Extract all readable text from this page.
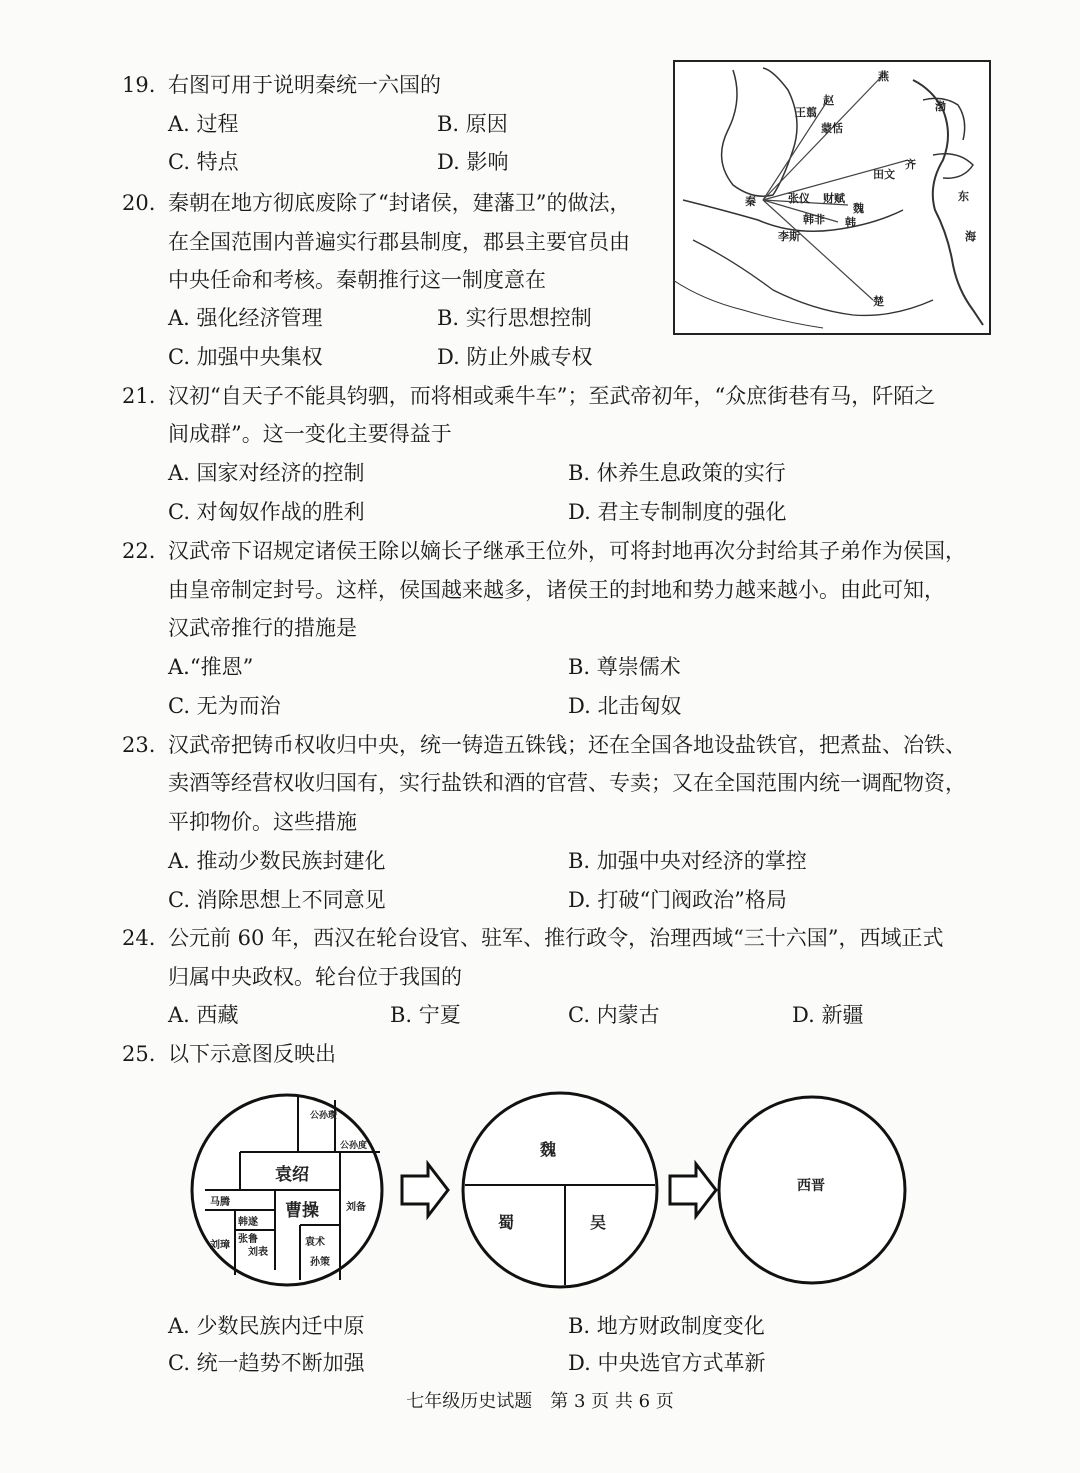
19. 右图可用于说明秦统一六国的
A. 过程	B. 原因
C. 特点	D. 影响
燕
赵
王翦
蒙恬
齐
田文
东
海
渤
秦	张仪
魏
韩非 韩
李斯
楚
财赋
20. 秦朝在地方彻底废除了“封诸侯，建藩卫”的做法，
在全国范围内普遍实行郡县制度，郡县主要官员由
中央任命和考核。秦朝推行这一制度意在
A. 强化经济管理	B. 实行思想控制
C. 加强中央集权	D. 防止外戚专权
21. 汉初“自天子不能具钧驷，而将相或乘牛车”；至武帝初年，“众庶街巷有马，阡陌之
间成群”。这一变化主要得益于
A. 国家对经济的控制	B. 休养生息政策的实行
C. 对匈奴作战的胜利	D. 君主专制制度的强化
22. 汉武帝下诏规定诸侯王除以嫡长子继承王位外，可将封地再次分封给其子弟作为侯国，
由皇帝制定封号。这样，侯国越来越多，诸侯王的封地和势力越来越小。由此可知，
汉武帝推行的措施是
A.“推恩”	B. 尊崇儒术
C. 无为而治	D. 北击匈奴
23. 汉武帝把铸币权收归中央，统一铸造五铢钱；还在全国各地设盐铁官，把煮盐、冶铁、
卖酒等经营权收归国有，实行盐铁和酒的官营、专卖；又在全国范围内统一调配物资，
平抑物价。这些措施
A. 推动少数民族封建化	B. 加强中央对经济的掌控
C. 消除思想上不同意见	D. 打破“门阀政治”格局
24. 公元前 60 年，西汉在轮台设官、驻军、推行政令，治理西域“三十六国”，西域正式
归属中央政权。轮台位于我国的
A. 西藏	B. 宁夏	C. 内蒙古	D. 新疆
25. 以下示意图反映出
袁绍
曹操
公孙瓒
公孙度
马腾
韩遂
张鲁
刘璋
刘表
袁术
孙策
刘备
魏
蜀	吴
西晋
A. 少数民族内迁中原	B. 地方财政制度变化
C. 统一趋势不断加强	D. 中央选官方式革新
七年级历史试题　第 3 页 共 6 页
